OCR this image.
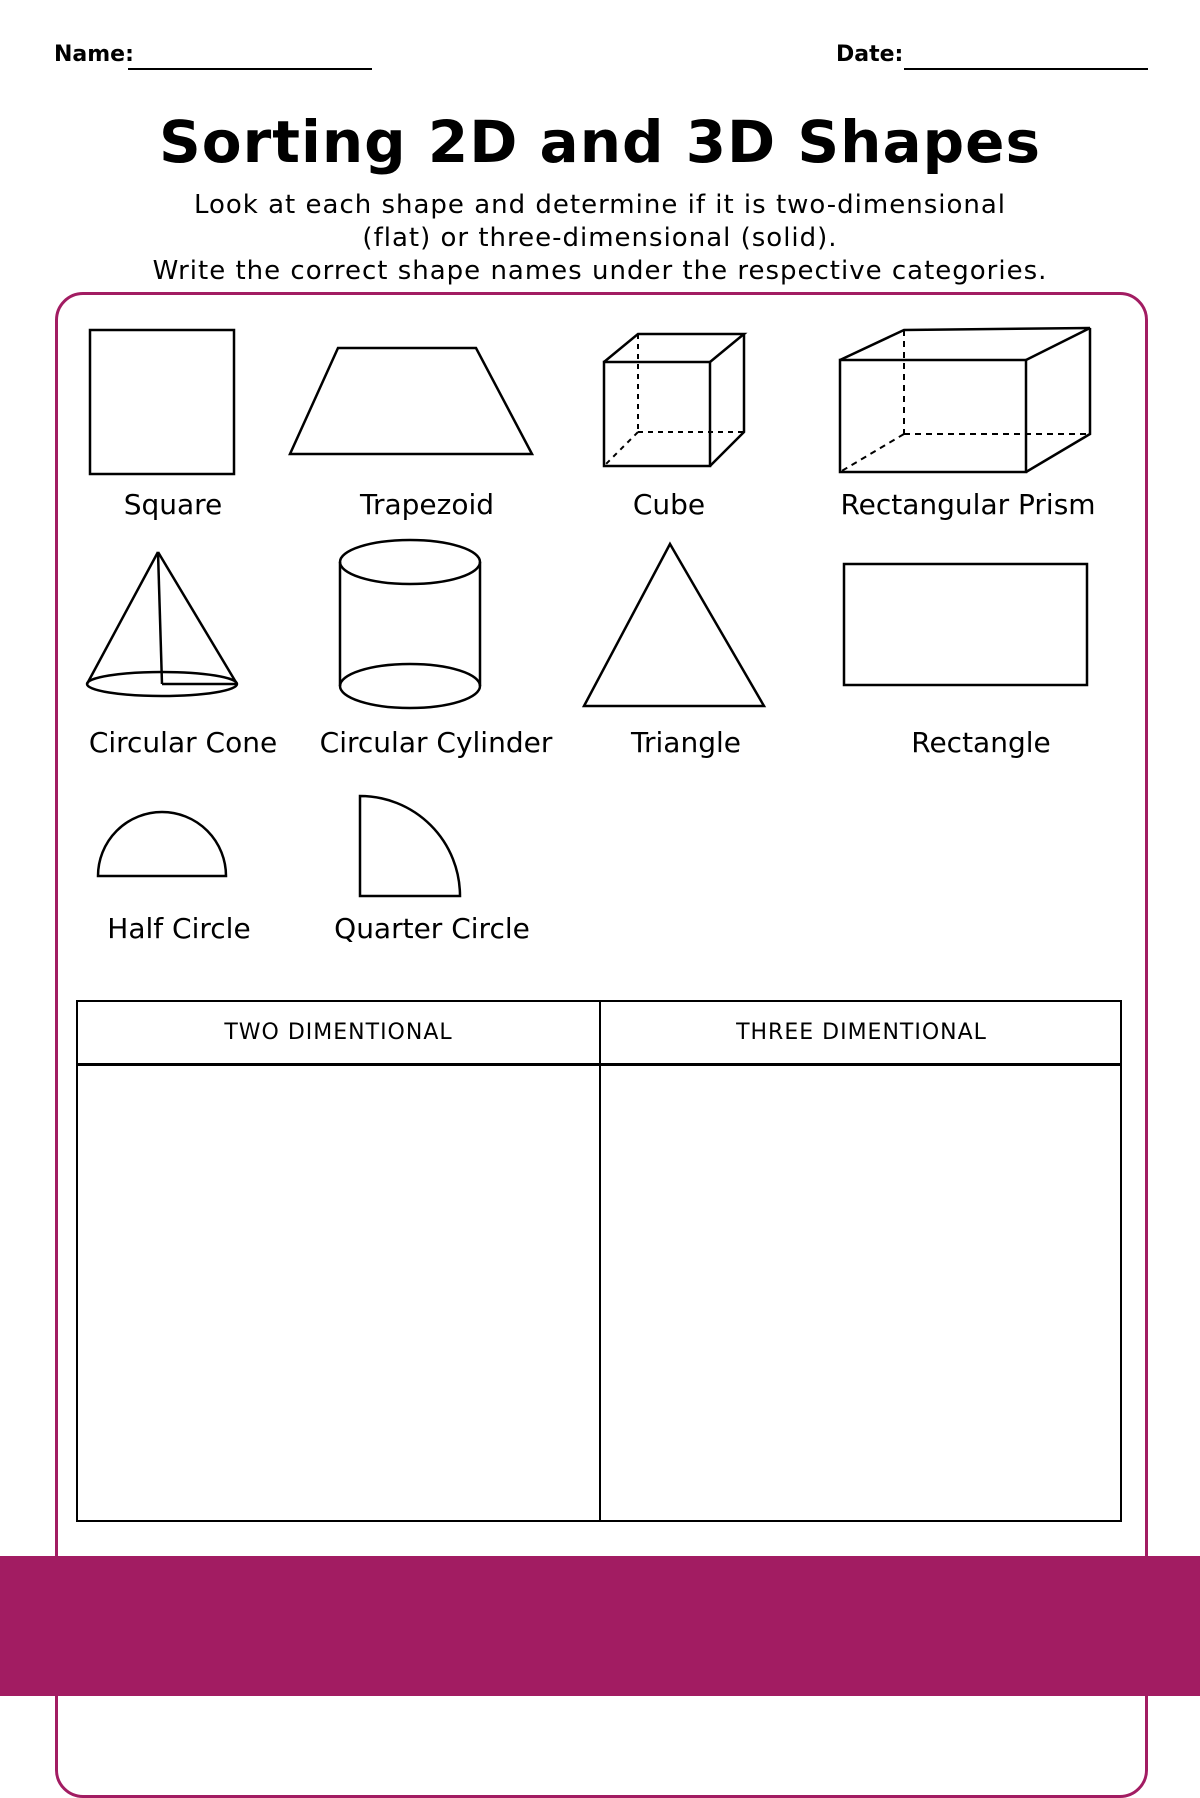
Name:	Date:
Sorting 2D and 3D Shapes
Look at each shape and determine if it is two-dimensional
(flat) or three-dimensional (solid).
Write the correct shape names under the respective categories.
Square	Trapezoid	Cube	Rectangular Prism
Circular Cone Circular Cylinder	Triangle	Rectangle
Half Circle	Quarter Circle
TWO DIMENTIONAL	THREE DIMENTIONAL
